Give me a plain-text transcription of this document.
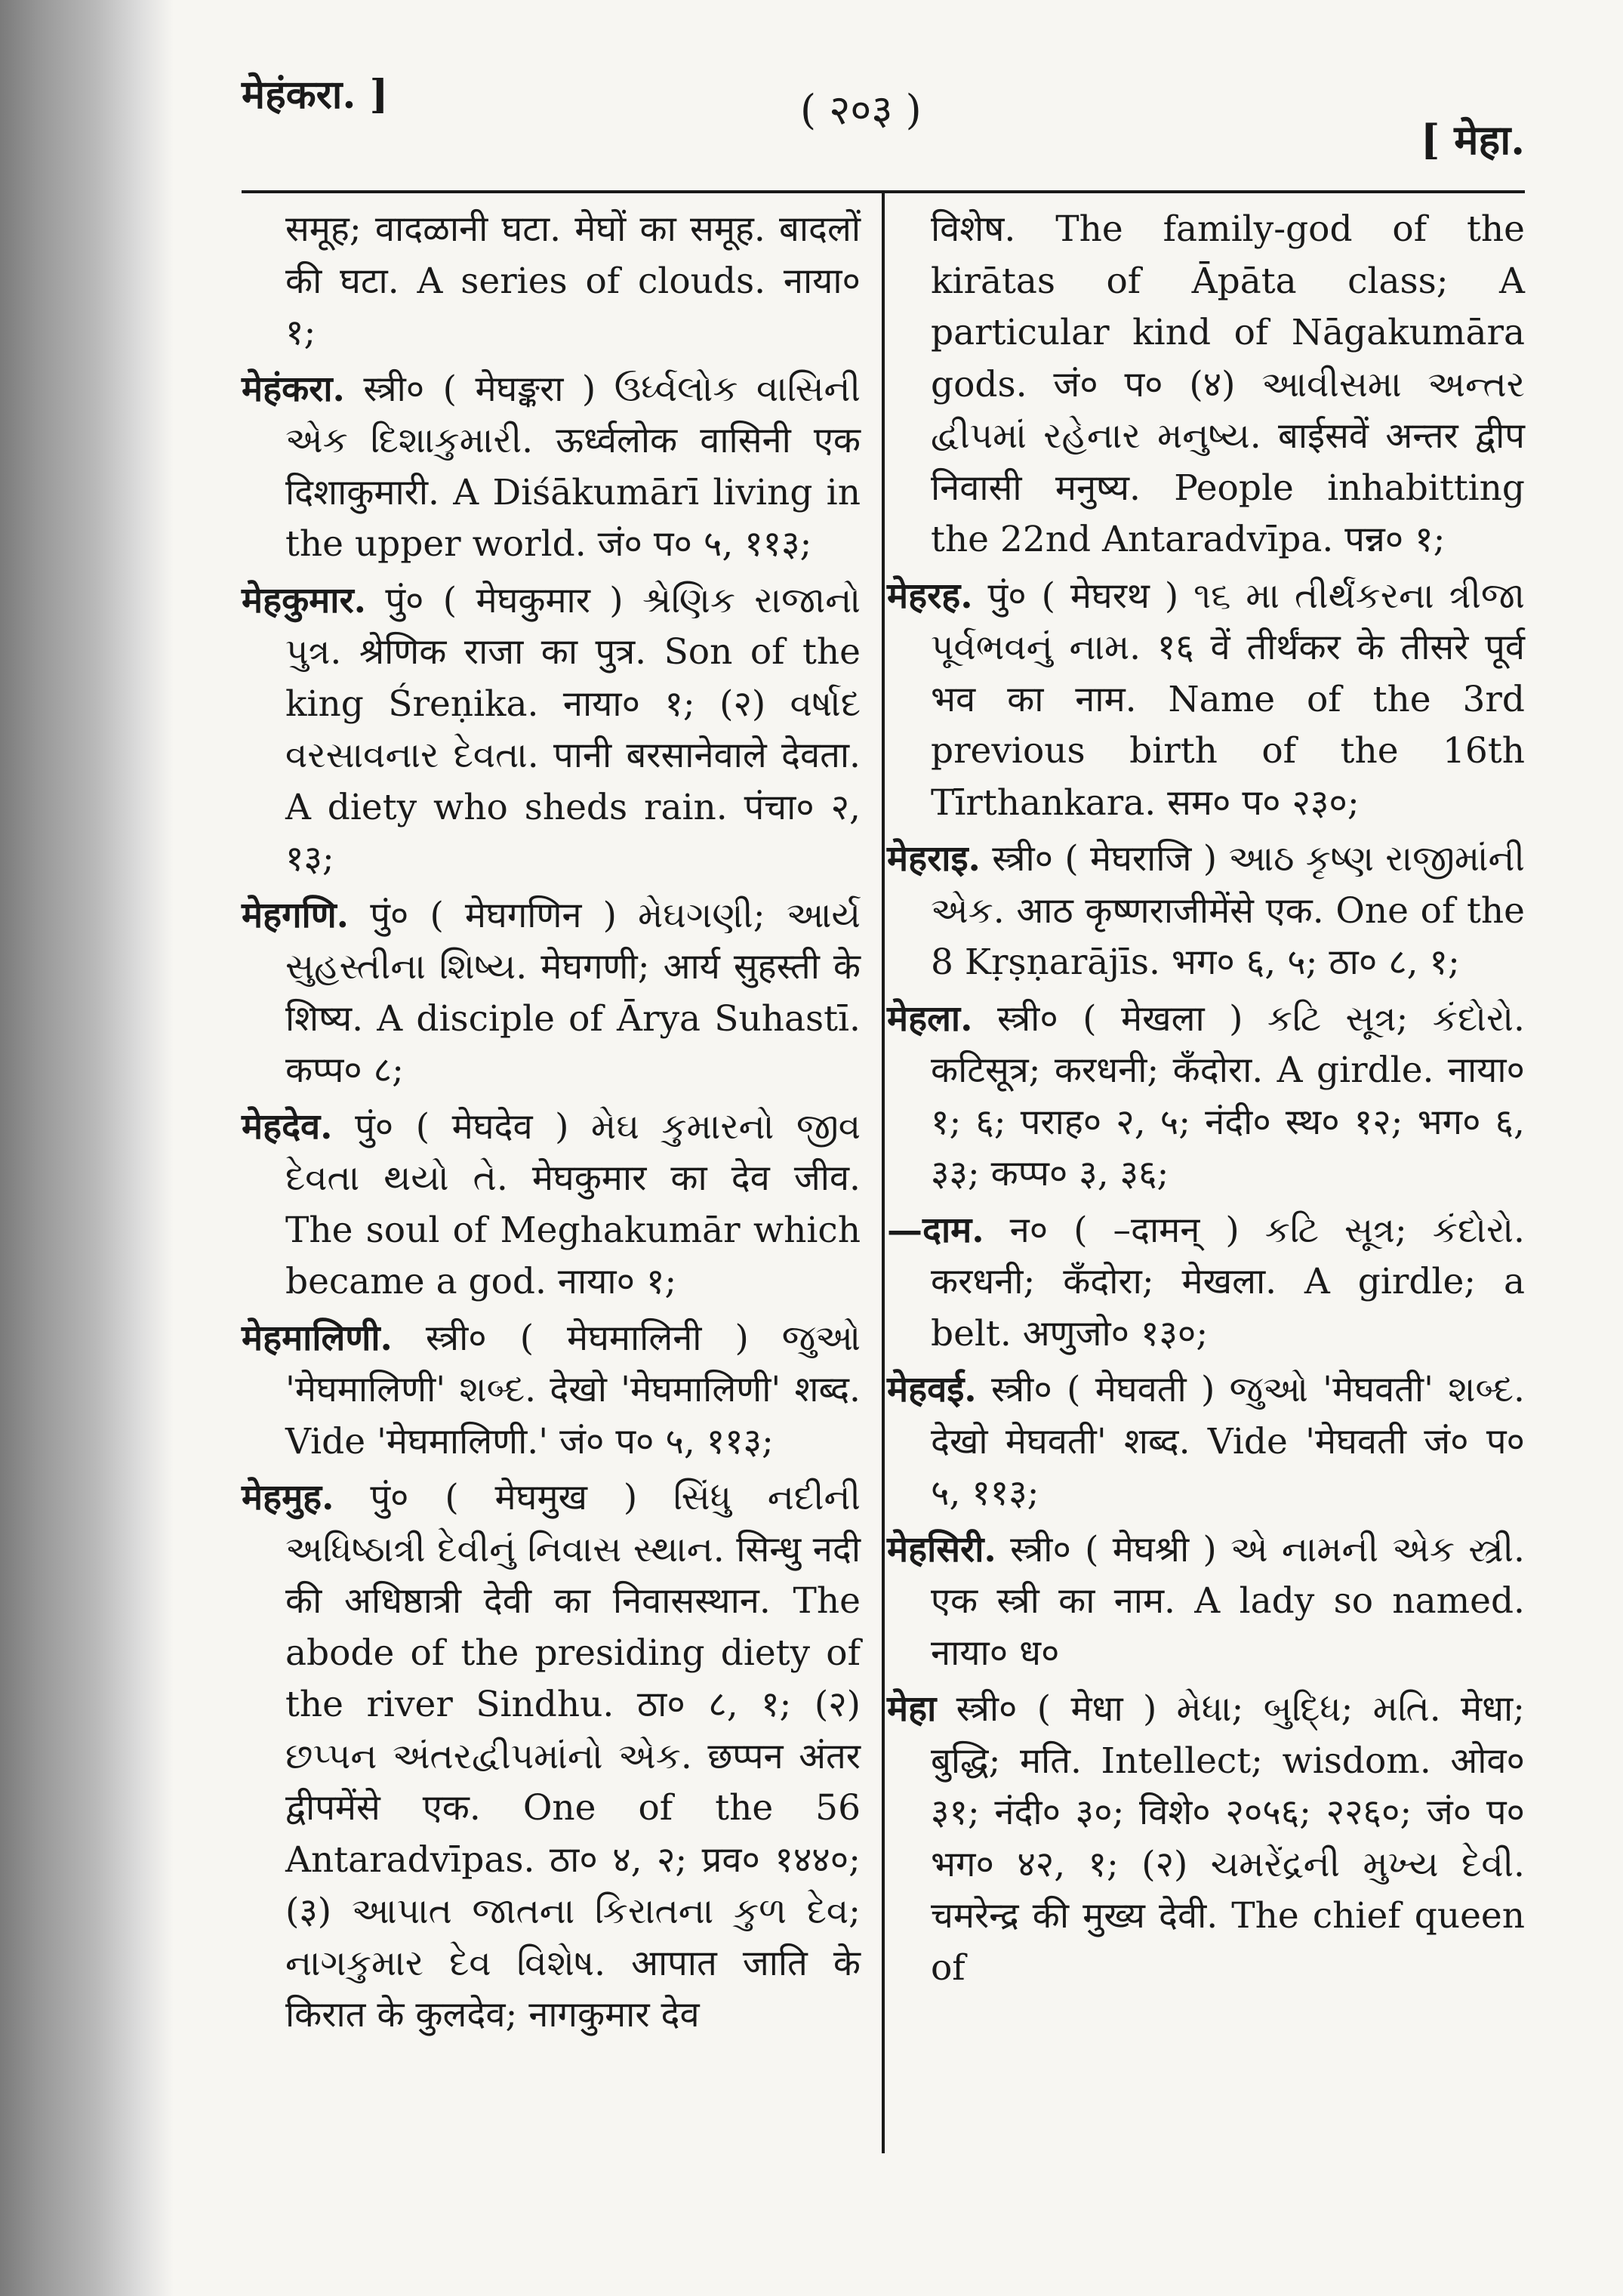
मेहंकरा. ]	( २०३ )
[ मेहा.

समूह; वादळानी घटा. मेघों का समूह. बादलों की घटा. A series of clouds. नाया० १;

मेहंकरा. स्त्री० ( मेघङ्करा ) ઉર્ધ્વલોક વાસિની એક દિશાકુમારી. ऊर्ध्वलोक वासिनी एक दिशाकुमारी. A Diśākumārī living in the upper world. जं० प० ५, ११३;

मेहकुमार. पुं० ( मेघकुमार ) શ્રેણિક રાજાનો પુત્ર. श्रेणिक राजा का पुत्र. Son of the king Śreṇika. नाया० १; (२) વર્ષાદ વરસાવનાર દેવતા. पानी बरसानेवाले देवता. A diety who sheds rain. पंचा० २, १३;

मेहगणि. पुं० ( मेघगणिन ) મેઘગણી; આર્ય સુહસ્તીના શિષ્ય. मेघगणी; आर्य सुहस्ती के शिष्य. A disciple of Ārya Suhastī. कप्प० ८;

मेहदेव. पुं० ( मेघदेव ) મેઘ કુમારનો જીવ દેવતા થયો તે. मेघकुमार का देव जीव. The soul of Meghakumār which became a god. नाया० १;

मेहमालिणी. स्त्री० ( मेघमालिनी ) જુઓ 'मेघमालिणी' શબ્દ. देखो 'मेघमालिणी' शब्द. Vide 'मेघमालिणी.' जं० प० ५, ११३;

मेहमुह. पुं० ( मेघमुख ) સિંધુ નદીની અધિષ્ઠાત્રી દેવીનું નિવાસ સ્થાન. सिन्धु नदी की अधिष्ठात्री देवी का निवासस्थान. The abode of the presiding diety of the river Sindhu. ठा० ८, १; (२) છપ્પન અંતરદ્વીપમાંનો એક. छप्पन अंतर द्वीपमेंसे एक. One of the 56 Antaradvīpas. ठा० ४, २; प्रव० १४४०; (३) આપાત જાતના કિરાતના કુળ દેવ; નાગકુમાર દેવ વિશેષ. आपात जाति के किरात के कुलदेव; नागकुमार देव

विशेष. The family-god of the kirātas of Āpāta class; A particular kind of Nāgakumāra gods. जं० प० (४) આવીસમા અન્તર દ્વીપમાં રહેનાર મનુષ્ય. बाईसवें अन्तर द्वीप निवासी मनुष्य. People inhabitting the 22nd Antaradvīpa. पन्न० १;

मेहरह. पुं० ( मेघरथ ) ૧૬ મા તીર્થંકરના ત્રીજા પૂર્વભવનું નામ. १६ वें तीर्थंकर के तीसरे पूर्व भव का नाम. Name of the 3rd previous birth of the 16th Tīrthankara. सम० प० २३०;

मेहराइ. स्त्री० ( मेघराजि ) આઠ કૃષ્ણ રાજીમાંની એક. आठ कृष्णराजीमेंसे एक. One of the 8 Kṛṣṇarājīs. भग० ६, ५; ठा० ८, १;

मेहला. स्त्री० ( मेखला ) કટિ સૂત્ર; કંદોરો. कटिसूत्र; करधनी; कँदोरा. A girdle. नाया० १; ६; पराह० २, ५; नंदी० स्थ० १२; भग० ६, ३३; कप्प० ३, ३६;

—दाम. न० ( –दामन् ) કટિ સૂત્ર; કંદોરો. करधनी; कँदोरा; मेखला. A girdle; a belt. अणुजो० १३०;

मेहवई. स्त्री० ( मेघवती ) જુઓ 'मेघवती' શબ્દ. देखो मेघवती' शब्द. Vide 'मेघवती जं० प० ५, ११३;

मेहसिरी. स्त्री० ( मेघश्री ) એ નામની એક સ્ત્રી. एक स्त्री का नाम. A lady so named. नाया० ध०

मेहा स्त्री० ( मेधा ) મેધા; બુદ્ધિ; મતિ. मेधा; बुद्धि; मति. Intellect; wisdom. ओव० ३१; नंदी० ३०; विशे० २०५६; २२६०; जं० प० भग० ४२, १; (२) ચમરેંદ્રની મુખ્ય દેવી. चमरेन्द्र की मुख्य देवी. The chief queen of
